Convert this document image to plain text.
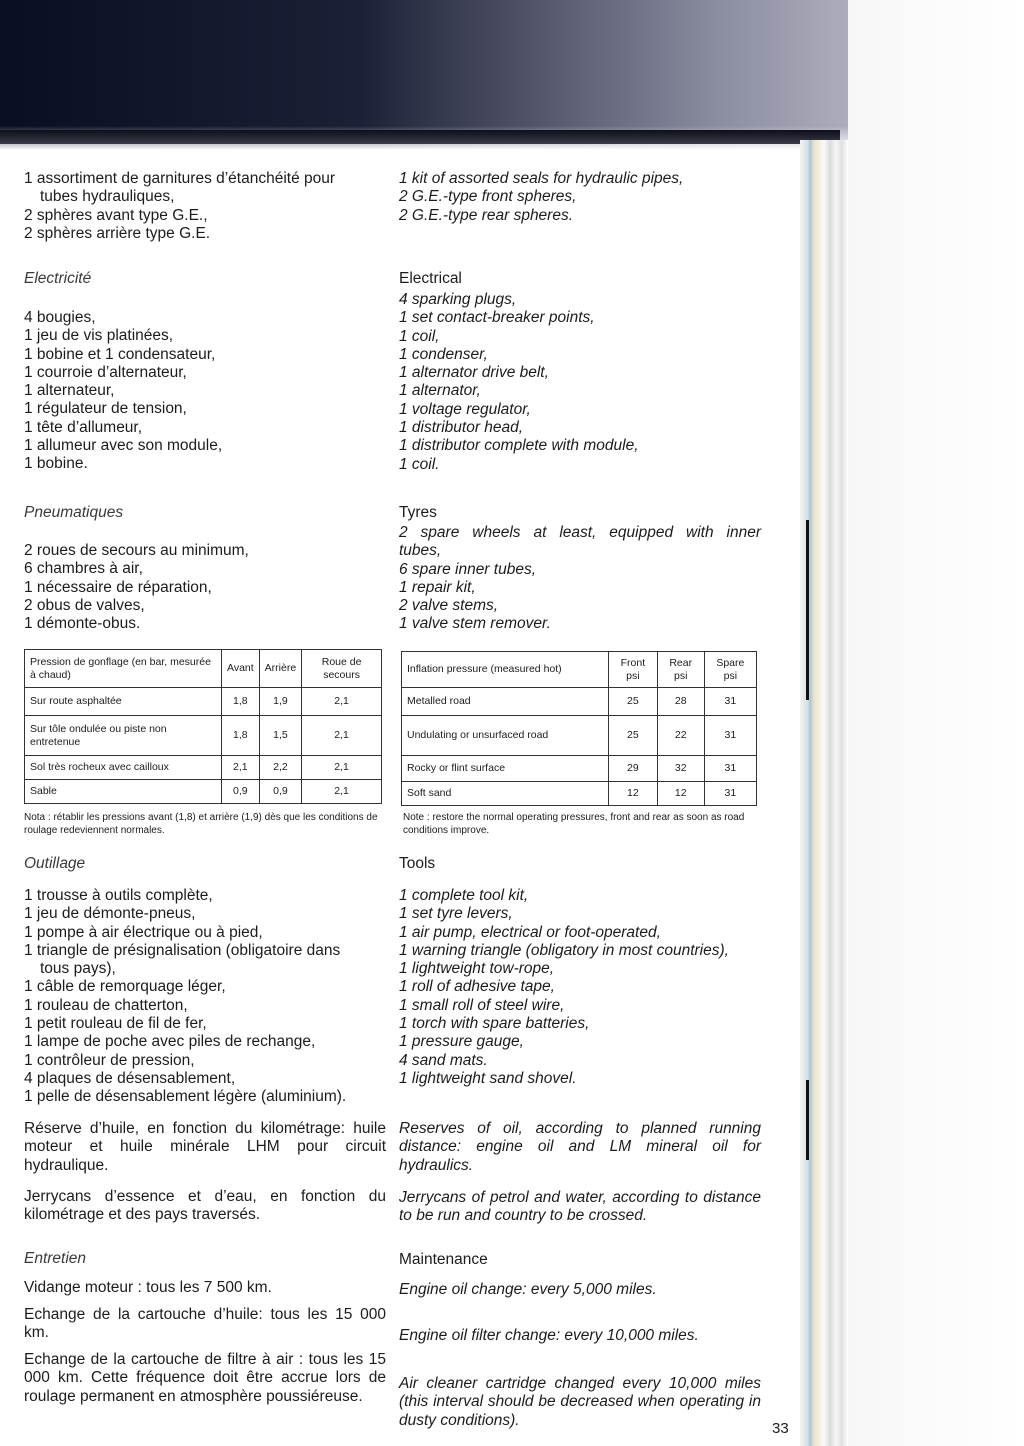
1 assortiment de garnitures d’étanchéité pour

tubes hydrauliques,

2 sphères avant type G.E.,

2 sphères arrière type G.E.

Electricité

4 bougies,

1 jeu de vis platinées,

1 bobine et 1 condensateur,

1 courroie d’alternateur,

1 alternateur,

1 régulateur de tension,

1 tête d’allumeur,

1 allumeur avec son module,

1 bobine.

Pneumatiques

2 roues de secours au minimum,

6 chambres à air,

1 nécessaire de réparation,

2 obus de valves,

1 démonte-obus.

Pression de gonflage (en bar, mesurée à chaud)	Avant	Arrière	Roue de secours
Sur route asphaltée	1,8	1,9	2,1
Sur tôle ondulée ou piste non entretenue	1,8	1,5	2,1
Sol très rocheux avec cailloux	2,1	2,2	2,1
Sable	0,9	0,9	2,1
Nota : rétablir les pressions avant (1,8) et arrière (1,9) dès que les conditions de roulage redeviennent normales.
Outillage

1 trousse à outils complète,

1 jeu de démonte-pneus,

1 pompe à air électrique ou à pied,

1 triangle de présignalisation (obligatoire dans

tous pays),

1 câble de remorquage léger,

1 rouleau de chatterton,

1 petit rouleau de fil de fer,

1 lampe de poche avec piles de rechange,

1 contrôleur de pression,

4 plaques de désensablement,

1 pelle de désensablement légère (aluminium).

Réserve d’huile, en fonction du kilométrage: huile moteur et huile minérale LHM pour circuit hydraulique.
Jerrycans d’essence et d’eau, en fonction du kilométrage et des pays traversés.
Entretien
Vidange moteur : tous les 7 500 km.
Echange de la cartouche d’huile: tous les 15 000 km.
Echange de la cartouche de filtre à air : tous les 15 000 km. Cette fréquence doit être accrue lors de roulage permanent en atmosphère poussiéreuse.

1 kit of assorted seals for hydraulic pipes,

2 G.E.-type front spheres,

2 G.E.-type rear spheres.

Electrical

4 sparking plugs,

1 set contact-breaker points,

1 coil,

1 condenser,

1 alternator drive belt,

1 alternator,

1 voltage regulator,

1 distributor head,

1 distributor complete with module,

1 coil.

Tyres

2 spare wheels at least, equipped with inner

tubes,

6 spare inner tubes,

1 repair kit,

2 valve stems,

1 valve stem remover.

Inflation pressure (measured hot)	Front psi	Rear psi	Spare psi
Metalled road	25	28	31
Undulating or unsurfaced road	25	22	31
Rocky or flint surface	29	32	31
Soft sand	12	12	31
Note : restore the normal operating pressures, front and rear as soon as road conditions improve.
Tools

1 complete tool kit,

1 set tyre levers,

1 air pump, electrical or foot-operated,

1 warning triangle (obligatory in most countries),

1 lightweight tow-rope,

1 roll of adhesive tape,

1 small roll of steel wire,

1 torch with spare batteries,

1 pressure gauge,

4 sand mats.

1 lightweight sand shovel.

Reserves of oil, according to planned running distance: engine oil and LM mineral oil for hydraulics.
Jerrycans of petrol and water, according to distance to be run and country to be crossed.
Maintenance
Engine oil change: every 5,000 miles.
Engine oil filter change: every 10,000 miles.
Air cleaner cartridge changed every 10,000 miles (this interval should be decreased when operating in dusty conditions).	33
